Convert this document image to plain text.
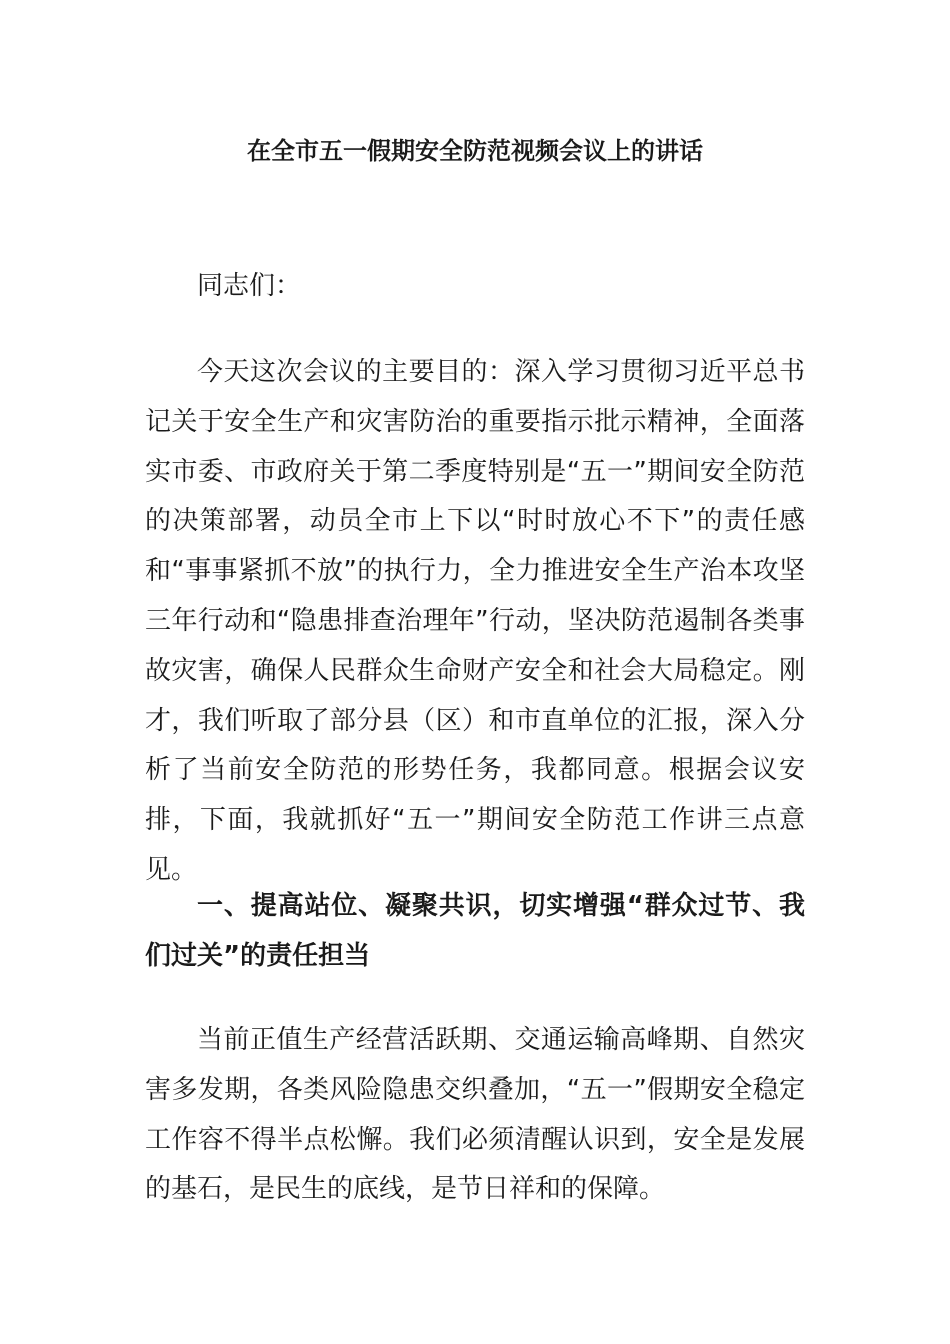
在全市五一假期安全防范视频会议上的讲话

同志们：

今天这次会议的主要目的：深入学习贯彻习近平总书记关于安全生产和灾害防治的重要指示批示精神，全面落实市委、市政府关于第二季度特别是“五一”期间安全防范的决策部署，动员全市上下以“时时放心不下”的责任感和“事事紧抓不放”的执行力，全力推进安全生产治本攻坚三年行动和“隐患排查治理年”行动，坚决防范遏制各类事故灾害，确保人民群众生命财产安全和社会大局稳定。刚才，我们听取了部分县（区）和市直单位的汇报，深入分析了当前安全防范的形势任务，我都同意。根据会议安排，下面，我就抓好“五一”期间安全防范工作讲三点意见。

一、提高站位、凝聚共识，切实增强“群众过节、我们过关”的责任担当

当前正值生产经营活跃期、交通运输高峰期、自然灾害多发期，各类风险隐患交织叠加，“五一”假期安全稳定工作容不得半点松懈。我们必须清醒认识到，安全是发展的基石，是民生的底线，是节日祥和的保障。
